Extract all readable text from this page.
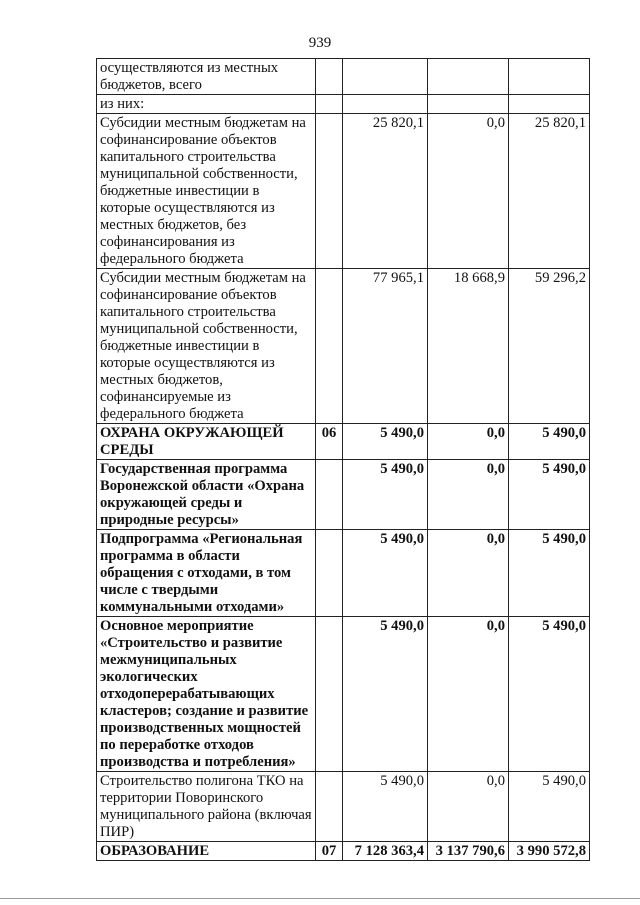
939
осуществляются из местных бюджетов, всего				
из них:				
Субсидии местным бюджетам на софинансирование объектов капитального строительства муниципальной собственности, бюджетные инвестиции в которые осуществляются из местных бюджетов, без софинансирования из федерального бюджета		25 820,1	0,0	25 820,1
Субсидии местным бюджетам на софинансирование объектов капитального строительства муниципальной собственности, бюджетные инвестиции в которые осуществляются из местных бюджетов, софинансируемые из федерального бюджета		77 965,1	18 668,9	59 296,2
ОХРАНА ОКРУЖАЮЩЕЙ СРЕДЫ	06	5 490,0	0,0	5 490,0
Государственная программа Воронежской области «Охрана окружающей среды и природные ресурсы»		5 490,0	0,0	5 490,0
Подпрограмма «Региональная программа в области обращения с отходами, в том числе с твердыми коммунальными отходами»		5 490,0	0,0	5 490,0
Основное мероприятие «Строительство и развитие межмуниципальных экологических отходоперерабатывающих кластеров; создание и развитие производственных мощностей по переработке отходов производства и потребления»		5 490,0	0,0	5 490,0
Строительство полигона ТКО на территории Поворинского муниципального района (включая ПИР)		5 490,0	0,0	5 490,0
ОБРАЗОВАНИЕ	07	7 128 363,4	3 137 790,6	3 990 572,8
